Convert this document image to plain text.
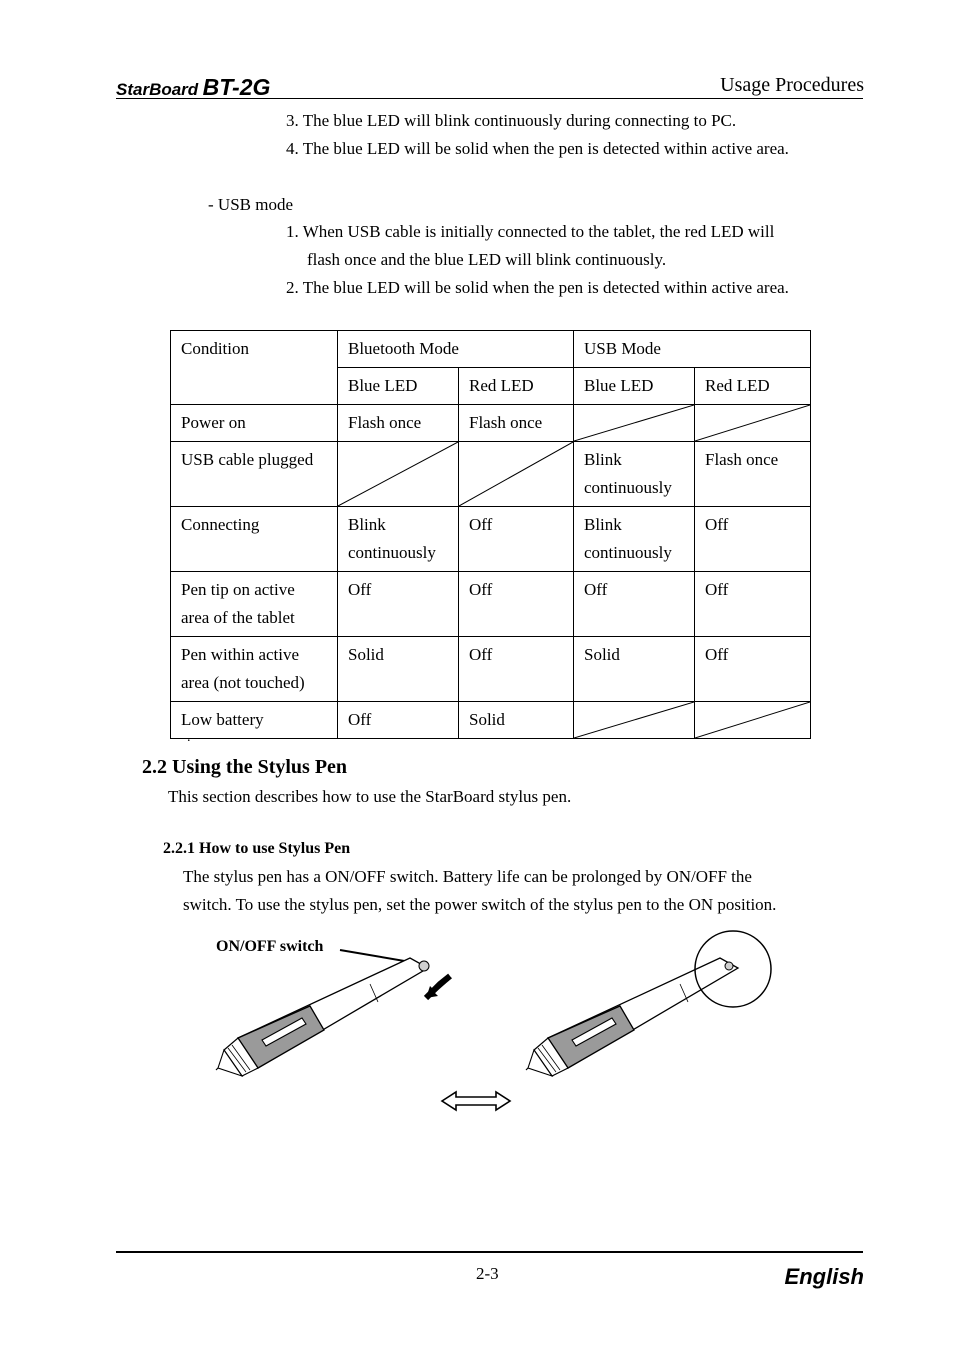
StarBoard BT-2G	Usage Procedures
3. The blue LED will blink continuously during connecting to PC.
4. The blue LED will be solid when the pen is detected within active area.
- USB mode
1. When USB cable is initially connected to the tablet, the red LED will
flash once and the blue LED will blink continuously.
2. The blue LED will be solid when the pen is detected within active area.
Condition	Bluetooth Mode		USB Mode	
	Blue LED	Red LED	Blue LED	Red LED
Power on	Flash once	Flash once	

USB cable plugged			Blink continuously	Flash once
Connecting	Blink continuously	Off	Blink continuously	Off
Pen tip on active area of the tablet	Off	Off	Off	Off
Pen within active area (not touched)	Solid	Off	Solid	Off
Low battery	Off	Solid	

.
2.2 Using the Stylus Pen
This section describes how to use the StarBoard stylus pen.
2.2.1 How to use Stylus Pen
The stylus pen has a ON/OFF switch. Battery life can be prolonged by ON/OFF the
switch. To use the stylus pen, set the power switch of the stylus pen to the ON position.
ON/OFF switch
2-3	English
